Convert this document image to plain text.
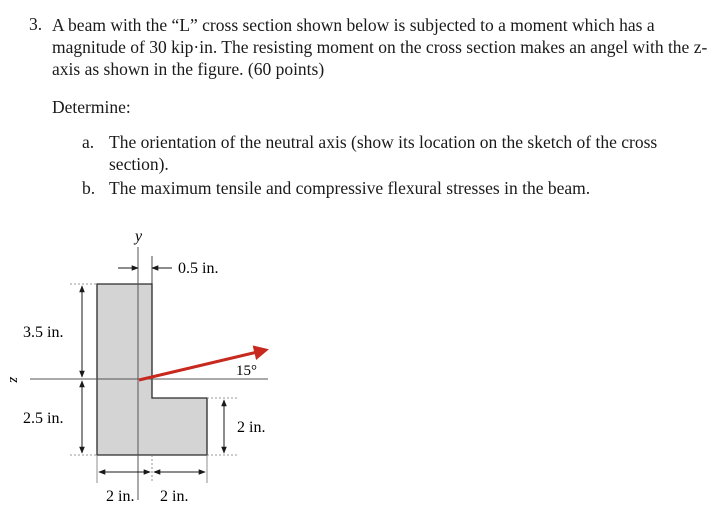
3. A beam with the “L” cross section shown below is subjected to a moment which has a magnitude of 30 kip·in. The resisting moment on the cross section makes an angel with the z-axis as shown in the figure. (60 points)
Determine:
a. The orientation of the neutral axis (show its location on the sketch of the cross section).
b. The maximum tensile and compressive flexural stresses in the beam.
y
z
0.5 in.
3.5 in.
2.5 in.
2 in.
2 in. 2 in.
15°
